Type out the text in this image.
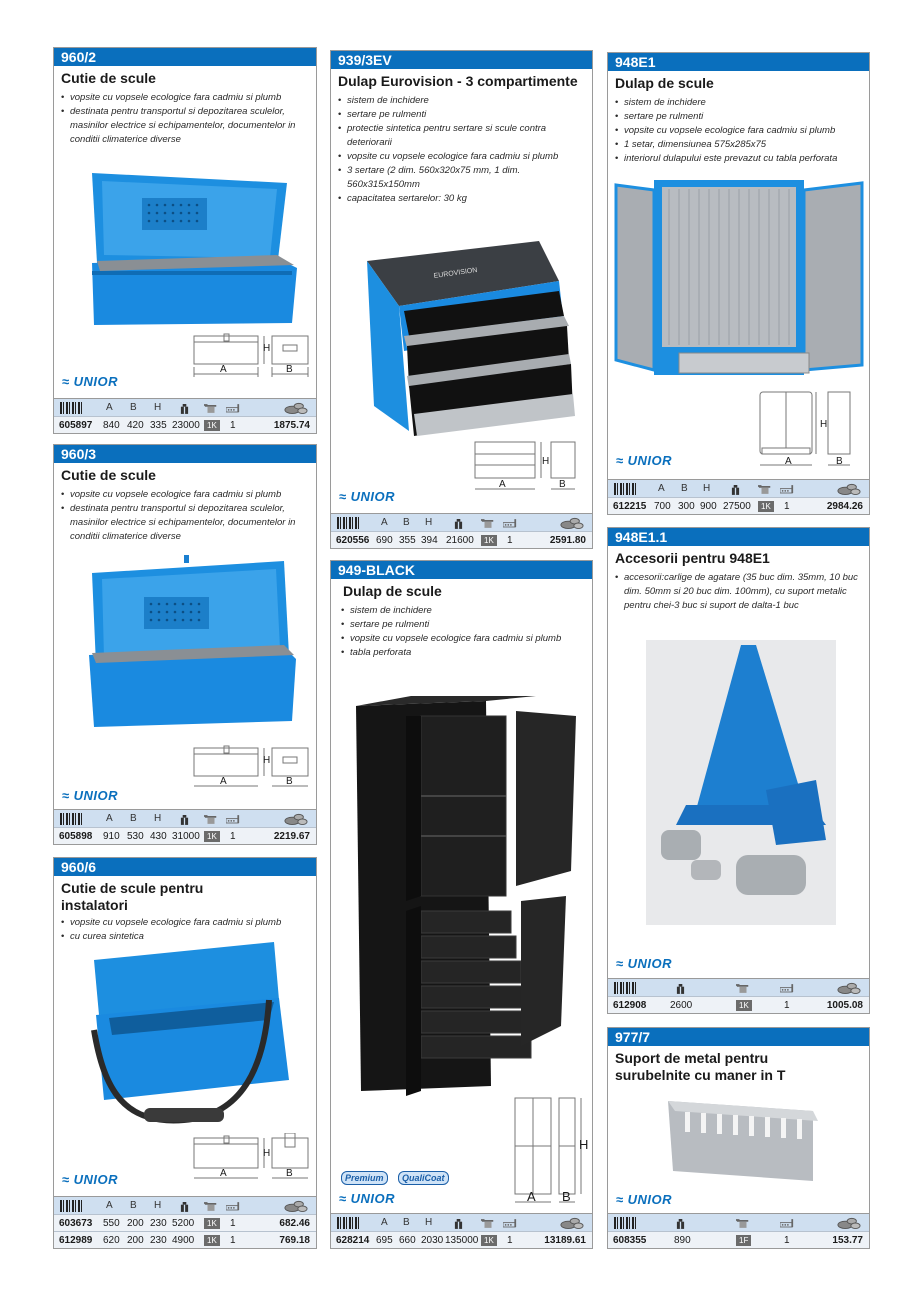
960/2
Cutie de scule
• vopsite cu vopsele ecologice fara cadmiu si plumb
• destinata pentru transportul si depozitarea sculelor, masinilor electrice si echipamentelor, documentelor in conditii climaterice diverse
H
A	B
≈ UNIOR
A B H
605897 840 420 335 23000 1K	1	1875.74
960/3
Cutie de scule
• vopsite cu vopsele ecologice fara cadmiu si plumb
• destinata pentru transportul si depozitarea sculelor, masinilor electrice si echipamentelor, documentelor in conditii climaterice diverse
H
A	B
≈ UNIOR
A B H
605898 910 530 430 31000 1K	1	2219.67
960/6
Cutie de scule pentru instalatori
• vopsite cu vopsele ecologice fara cadmiu si plumb
• cu curea sintetica
H
A	B
≈ UNIOR
A B H
603673 550 200 230 5200	1K	1	682.46
612989 620 200 230 4900	1K	1	769.18
939/3EV
Dulap Eurovision - 3 compartimente
• sistem de inchidere
• sertare pe rulmenti
• protectie sintetica pentru sertare si scule contra deteriorarii
• vopsite cu vopsele ecologice fara cadmiu si plumb
• 3 sertare (2 dim. 560x320x75 mm, 1 dim. 560x315x150mm
• capacitatea sertarelor: 30 kg
EUROVISION
H
A	B
≈ UNIOR
A B H
620556 690 355 394 21600	1K	1	2591.80
949-BLACK
Dulap de scule
• sistem de inchidere
• sertare pe rulmenti
• vopsite cu vopsele ecologice fara cadmiu si plumb
• tabla perforata
H
A B
Premium	QualiCoat
≈ UNIOR
A B H
628214 695 660 2030 135000 1K	1	13189.61
948E1
Dulap de scule
• sistem de inchidere
• sertare pe rulmenti
• vopsite cu vopsele ecologice fara cadmiu si plumb
• 1 setar, dimensiunea 575x285x75
• interiorul dulapului este prevazut cu tabla perforata
H
A	B
≈ UNIOR
A B H
612215 700 300 900 27500	1K	1	2984.26
948E1.1
Accesorii pentru 948E1
• accesorii:carlige de agatare (35 buc dim. 35mm, 10 buc dim. 50mm si 20 buc dim. 100mm), cu suport metalic pentru chei-3 buc si suport de dalta-1 buc
≈ UNIOR
612908 2600	1K	1	1005.08
977/7
Suport de metal pentru surubelnite cu maner in T
≈ UNIOR
608355	890	1F	1	153.77
